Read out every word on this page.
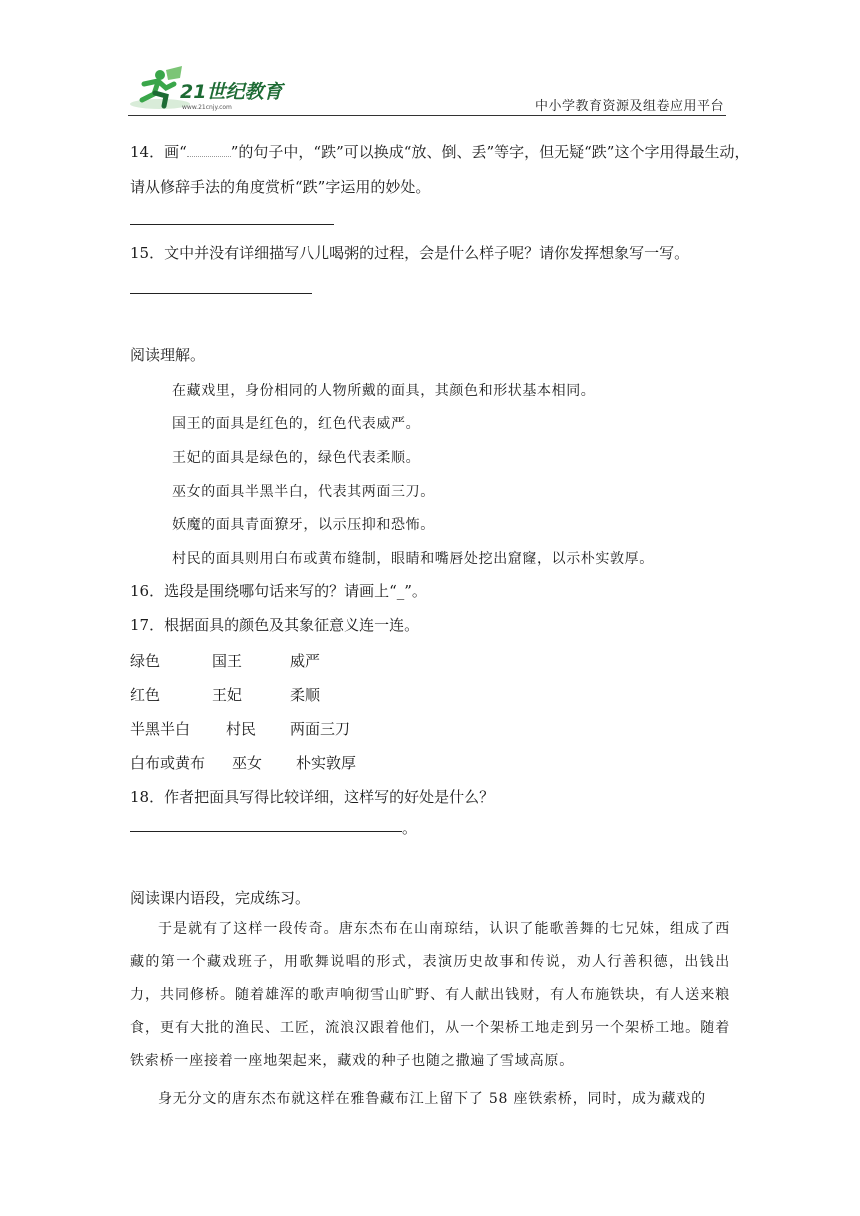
21世纪教育
www.21cnjy.com	中小学教育资源及组卷应用平台
14．画“	”的句子中，“跌”可以换成“放、倒、丢”等字，但无疑“跌”这个字用得最生动，
请从修辞手法的角度赏析“跌”字运用的妙处。
15．文中并没有详细描写八儿喝粥的过程，会是什么样子呢？请你发挥想象写一写。
阅读理解。
在藏戏里，身份相同的人物所戴的面具，其颜色和形状基本相同。
国王的面具是红色的，红色代表威严。
王妃的面具是绿色的，绿色代表柔顺。
巫女的面具半黑半白，代表其两面三刀。
妖魔的面具青面獠牙，以示压抑和恐怖。
村民的面具则用白布或黄布缝制，眼睛和嘴唇处挖出窟窿，以示朴实敦厚。
16．选段是围绕哪句话来写的？请画上“_”。
17．根据面具的颜色及其象征意义连一连。
绿色	国王	威严
红色	王妃	柔顺
半黑半白 村民 两面三刀
白布或黄布 巫女 朴实敦厚
18．作者把面具写得比较详细，这样写的好处是什么？
。
阅读课内语段，完成练习。
于是就有了这样一段传奇。唐东杰布在山南琼结，认识了能歌善舞的七兄妹，组成了西藏的第一个藏戏班子，用歌舞说唱的形式，表演历史故事和传说，劝人行善积德，出钱出力，共同修桥。随着雄浑的歌声响彻雪山旷野、有人献出钱财，有人布施铁块，有人送来粮食，更有大批的渔民、工匠，流浪汉跟着他们，从一个架桥工地走到另一个架桥工地。随着铁索桥一座接着一座地架起来，藏戏的种子也随之撒遍了雪域高原。
身无分文的唐东杰布就这样在雅鲁藏布江上留下了 58 座铁索桥，同时，成为藏戏的
